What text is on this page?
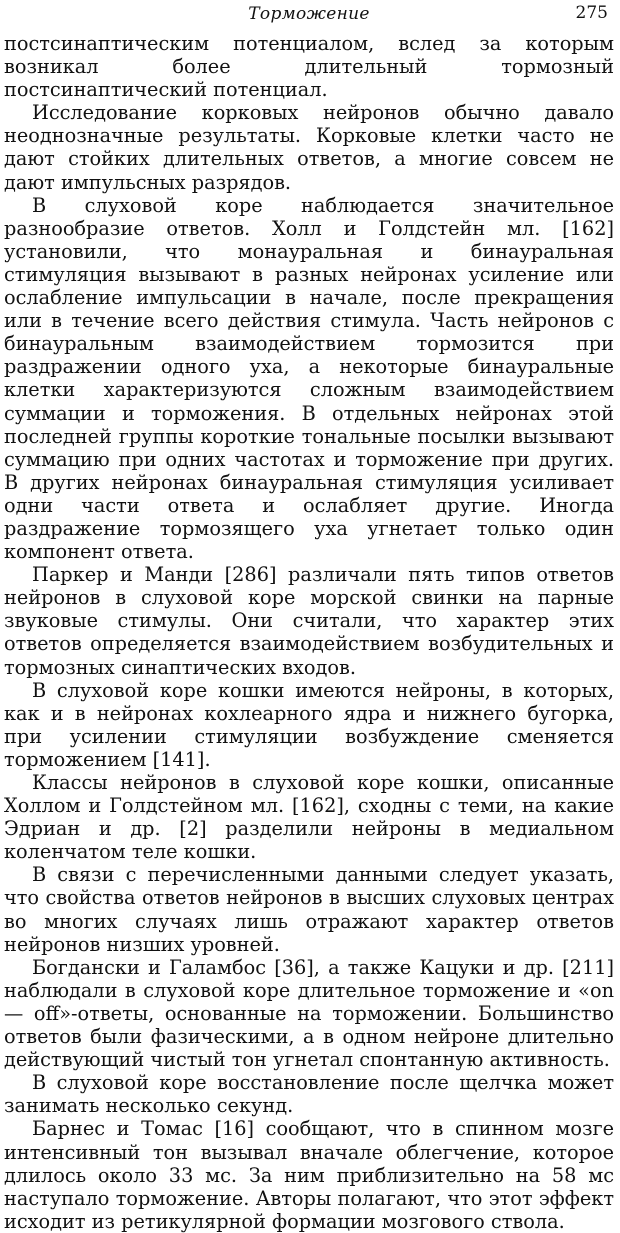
Торможение	275

постсинаптическим потенциалом, вслед за которым возникал более длительный тормозный постсинаптический потенциал.

Исследование корковых нейронов обычно давало неоднозначные результаты. Корковые клетки часто не дают стойких длительных ответов, а многие совсем не дают импульсных разрядов.

В слуховой коре наблюдается значительное разнообразие ответов. Холл и Голдстейн мл. [162] установили, что монауральная и бинауральная стимуляция вызывают в разных нейронах усиление или ослабление импульсации в начале, после прекращения или в течение всего действия стимула. Часть нейронов с бинауральным взаимодействием тормозится при раздражении одного уха, а некоторые бинауральные клетки характеризуются сложным взаимодействием суммации и торможения. В отдельных нейронах этой последней группы короткие тональные посылки вызывают суммацию при одних частотах и торможение при других. В других нейронах бинауральная стимуляция усиливает одни части ответа и ослабляет другие. Иногда раздражение тормозящего уха угнетает только один компонент ответа.

Паркер и Манди [286] различали пять типов ответов нейронов в слуховой коре морской свинки на парные звуковые стимулы. Они считали, что характер этих ответов определяется взаимодействием возбудительных и тормозных синаптических входов.

В слуховой коре кошки имеются нейроны, в которых, как и в нейронах кохлеарного ядра и нижнего бугорка, при усилении стимуляции возбуждение сменяется торможением [141].

Классы нейронов в слуховой коре кошки, описанные Холлом и Голдстейном мл. [162], сходны с теми, на какие Эдриан и др. [2] разделили нейроны в медиальном коленчатом теле кошки.

В связи с перечисленными данными следует указать, что свойства ответов нейронов в высших слуховых центрах во многих случаях лишь отражают характер ответов нейронов низших уровней.

Богдански и Галамбос [36], а также Кацуки и др. [211] наблюдали в слуховой коре длительное торможение и «on — off»-ответы, основанные на торможении. Большинство ответов были фазическими, а в одном нейроне длительно действующий чистый тон угнетал спонтанную активность.

В слуховой коре восстановление после щелчка может занимать несколько секунд.

Барнес и Томас [16] сообщают, что в спинном мозге интенсивный тон вызывал вначале облегчение, которое длилось около 33 мс. За ним приблизительно на 58 мс наступало торможение. Авторы полагают, что этот эффект исходит из ретикулярной формации мозгового ствола.
